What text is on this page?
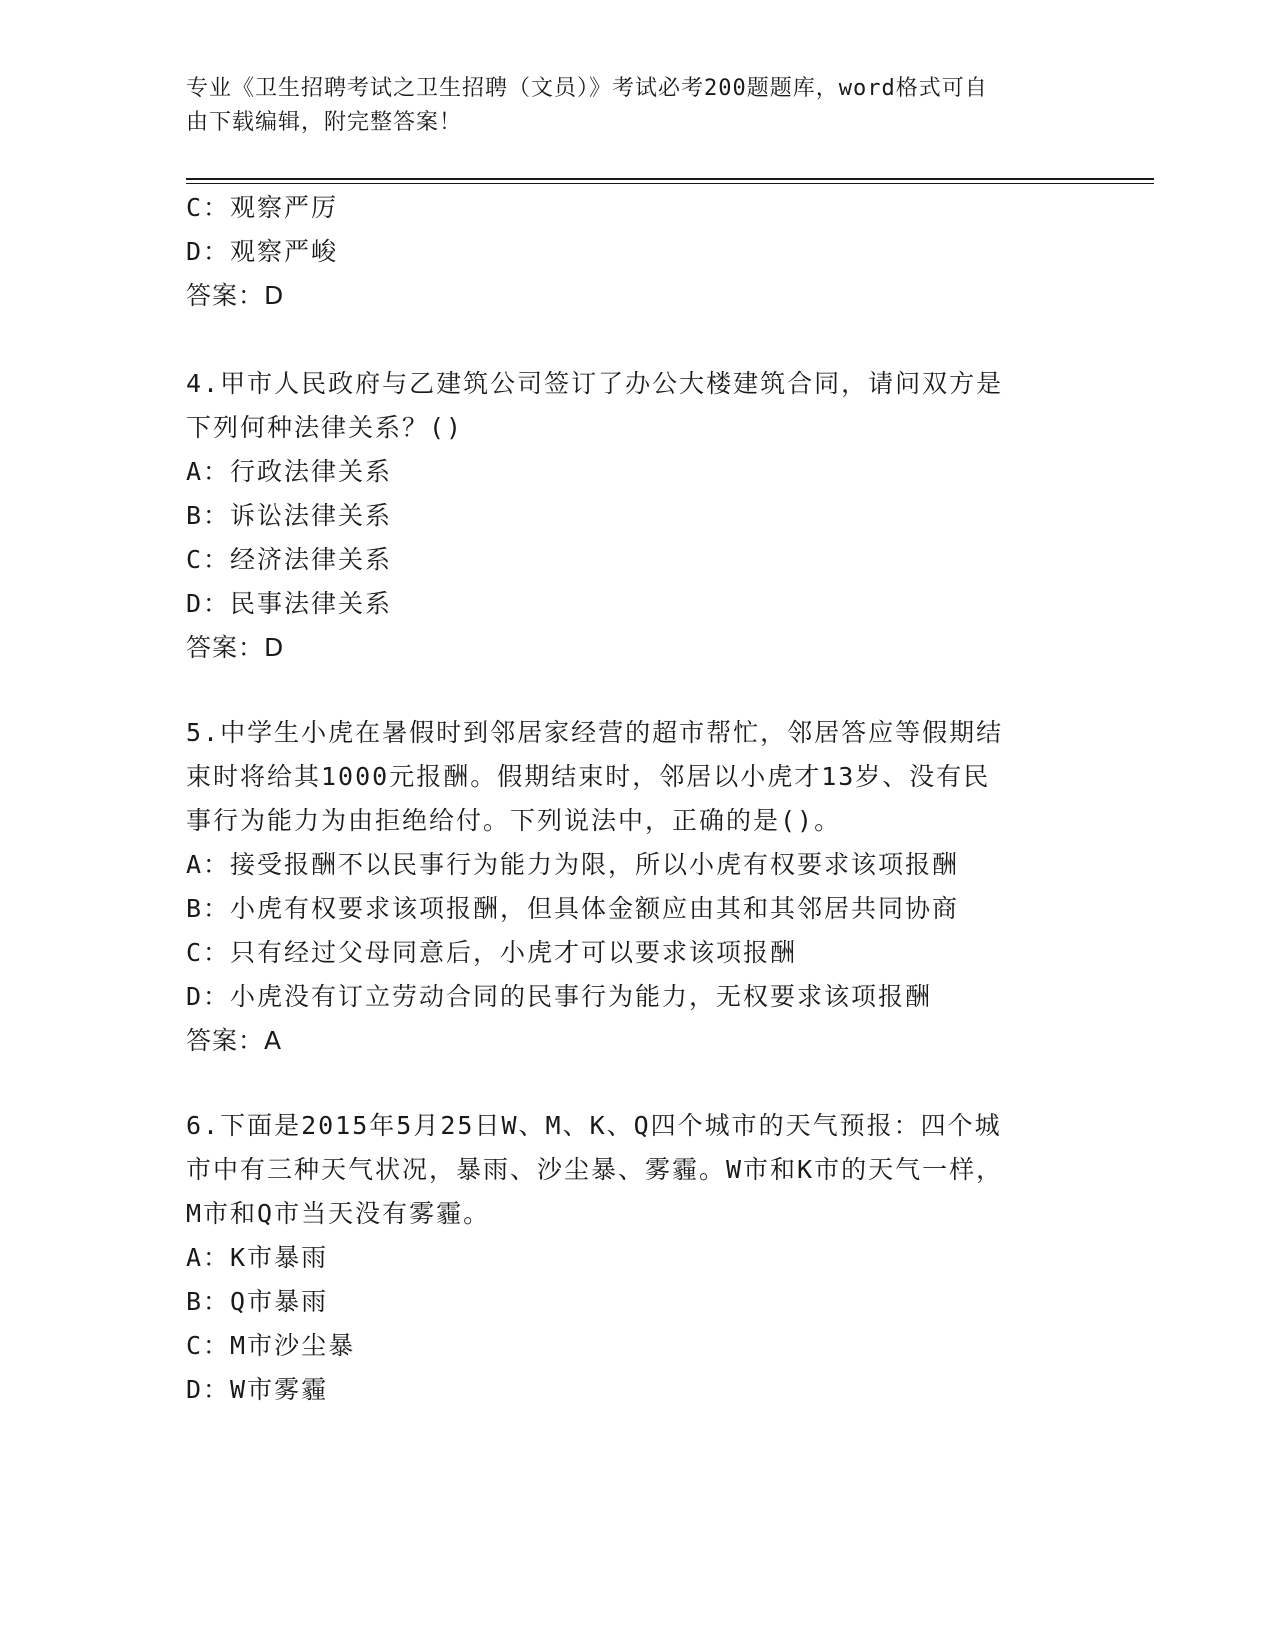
专业《卫生招聘考试之卫生招聘（文员）》考试必考200题题库，word格式可自
由下载编辑，附完整答案！
C：观察严厉
D：观察严峻
答案：D
4.甲市人民政府与乙建筑公司签订了办公大楼建筑合同，请问双方是
下列何种法律关系？()
A：行政法律关系
B：诉讼法律关系
C：经济法律关系
D：民事法律关系
答案：D
5.中学生小虎在暑假时到邻居家经营的超市帮忙，邻居答应等假期结
束时将给其1000元报酬。假期结束时，邻居以小虎才13岁、没有民
事行为能力为由拒绝给付。下列说法中，正确的是()。
A：接受报酬不以民事行为能力为限，所以小虎有权要求该项报酬
B：小虎有权要求该项报酬，但具体金额应由其和其邻居共同协商
C：只有经过父母同意后，小虎才可以要求该项报酬
D：小虎没有订立劳动合同的民事行为能力，无权要求该项报酬
答案：A
6.下面是2015年5月25日W、M、K、Q四个城市的天气预报：四个城
市中有三种天气状况，暴雨、沙尘暴、雾霾。W市和K市的天气一样，
M市和Q市当天没有雾霾。
A：K市暴雨
B：Q市暴雨
C：M市沙尘暴
D：W市雾霾
